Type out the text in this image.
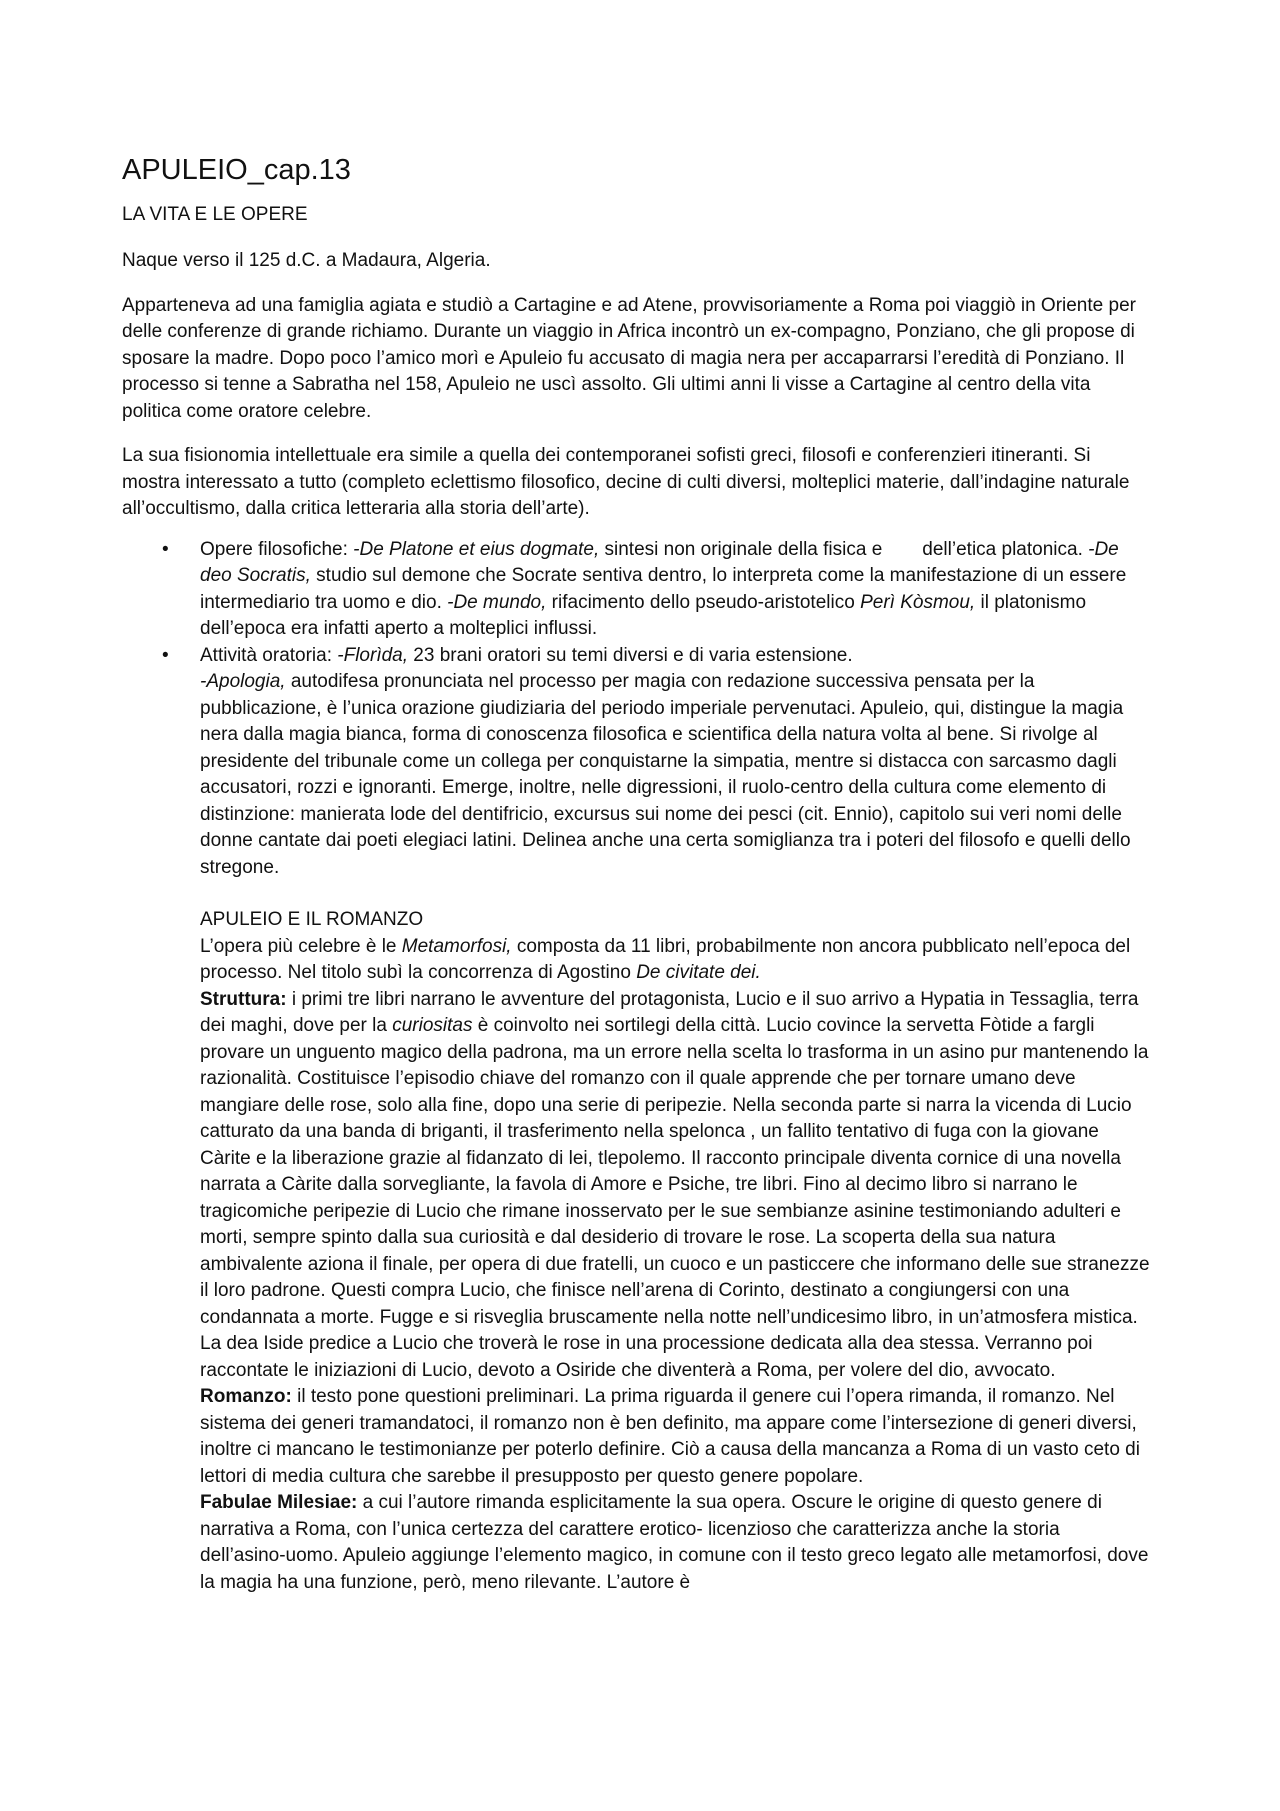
APULEIO_cap.13
LA VITA E LE OPERE

Naque verso il 125 d.C. a Madaura, Algeria.

Apparteneva ad una famiglia agiata e studiò a Cartagine e ad Atene, provvisoriamente a Roma poi viaggiò in Oriente per delle conferenze di grande richiamo. Durante un viaggio in Africa incontrò un ex-compagno, Ponziano, che gli propose di sposare la madre. Dopo poco l’amico morì e Apuleio fu accusato di magia nera per accaparrarsi l’eredità di Ponziano. Il processo si tenne a Sabratha nel 158, Apuleio ne uscì assolto. Gli ultimi anni li visse a Cartagine al centro della vita politica come oratore celebre.

La sua fisionomia intellettuale era simile a quella dei contemporanei sofisti greci, filosofi e conferenzieri itineranti. Si mostra interessato a tutto (completo eclettismo filosofico, decine di culti diversi, molteplici materie, dall’indagine naturale all’occultismo, dalla critica letteraria alla storia dell’arte).

• Opere filosofiche: -De Platone et eius dogmate, sintesi non originale della fisica e dell’etica platonica. -De deo Socratis, studio sul demone che Socrate sentiva dentro, lo interpreta come la manifestazione di un essere intermediario tra uomo e dio. -De mundo, rifacimento dello pseudo-aristotelico Perì Kòsmou, il platonismo dell’epoca era infatti aperto a molteplici influssi.
• Attività oratoria: -Florìda, 23 brani oratori su temi diversi e di varia estensione.
-Apologia, autodifesa pronunciata nel processo per magia con redazione successiva pensata per la pubblicazione, è l’unica orazione giudiziaria del periodo imperiale pervenutaci. Apuleio, qui, distingue la magia nera dalla magia bianca, forma di conoscenza filosofica e scientifica della natura volta al bene. Si rivolge al presidente del tribunale come un collega per conquistarne la simpatia, mentre si distacca con sarcasmo dagli accusatori, rozzi e ignoranti. Emerge, inoltre, nelle digressioni, il ruolo-centro della cultura come elemento di distinzione: manierata lode del dentifricio, excursus sui nome dei pesci (cit. Ennio), capitolo sui veri nomi delle donne cantate dai poeti elegiaci latini. Delinea anche una certa somiglianza tra i poteri del filosofo e quelli dello stregone.

APULEIO E IL ROMANZO

L’opera più celebre è le Metamorfosi, composta da 11 libri, probabilmente non ancora pubblicato nell’epoca del processo. Nel titolo subì la concorrenza di Agostino De civitate dei.

Struttura: i primi tre libri narrano le avventure del protagonista, Lucio e il suo arrivo a Hypatia in Tessaglia, terra dei maghi, dove per la curiositas è coinvolto nei sortilegi della città. Lucio covince la servetta Fòtide a fargli provare un unguento magico della padrona, ma un errore nella scelta lo trasforma in un asino pur mantenendo la razionalità. Costituisce l’episodio chiave del romanzo con il quale apprende che per tornare umano deve mangiare delle rose, solo alla fine, dopo una serie di peripezie. Nella seconda parte si narra la vicenda di Lucio catturato da una banda di briganti, il trasferimento nella spelonca , un fallito tentativo di fuga con la giovane Càrite e la liberazione grazie al fidanzato di lei, tlepolemo. Il racconto principale diventa cornice di una novella narrata a Càrite dalla sorvegliante, la favola di Amore e Psiche, tre libri. Fino al decimo libro si narrano le tragicomiche peripezie di Lucio che rimane inosservato per le sue sembianze asinine testimoniando adulteri e morti, sempre spinto dalla sua curiosità e dal desiderio di trovare le rose. La scoperta della sua natura ambivalente aziona il finale, per opera di due fratelli, un cuoco e un pasticcere che informano delle sue stranezze il loro padrone. Questi compra Lucio, che finisce nell’arena di Corinto, destinato a congiungersi con una condannata a morte. Fugge e si risveglia bruscamente nella notte nell’undicesimo libro, in un’atmosfera mistica. La dea Iside predice a Lucio che troverà le rose in una processione dedicata alla dea stessa. Verranno poi raccontate le iniziazioni di Lucio, devoto a Osiride che diventerà a Roma, per volere del dio, avvocato.

Romanzo: il testo pone questioni preliminari. La prima riguarda il genere cui l’opera rimanda, il romanzo. Nel sistema dei generi tramandatoci, il romanzo non è ben definito, ma appare come l’intersezione di generi diversi, inoltre ci mancano le testimonianze per poterlo definire. Ciò a causa della mancanza a Roma di un vasto ceto di lettori di media cultura che sarebbe il presupposto per questo genere popolare.

Fabulae Milesiae: a cui l’autore rimanda esplicitamente la sua opera. Oscure le origine di questo genere di narrativa a Roma, con l’unica certezza del carattere erotico- licenzioso che caratterizza anche la storia dell’asino-uomo. Apuleio aggiunge l’elemento magico, in comune con il testo greco legato alle metamorfosi, dove la magia ha una funzione, però, meno rilevante. L’autore è
